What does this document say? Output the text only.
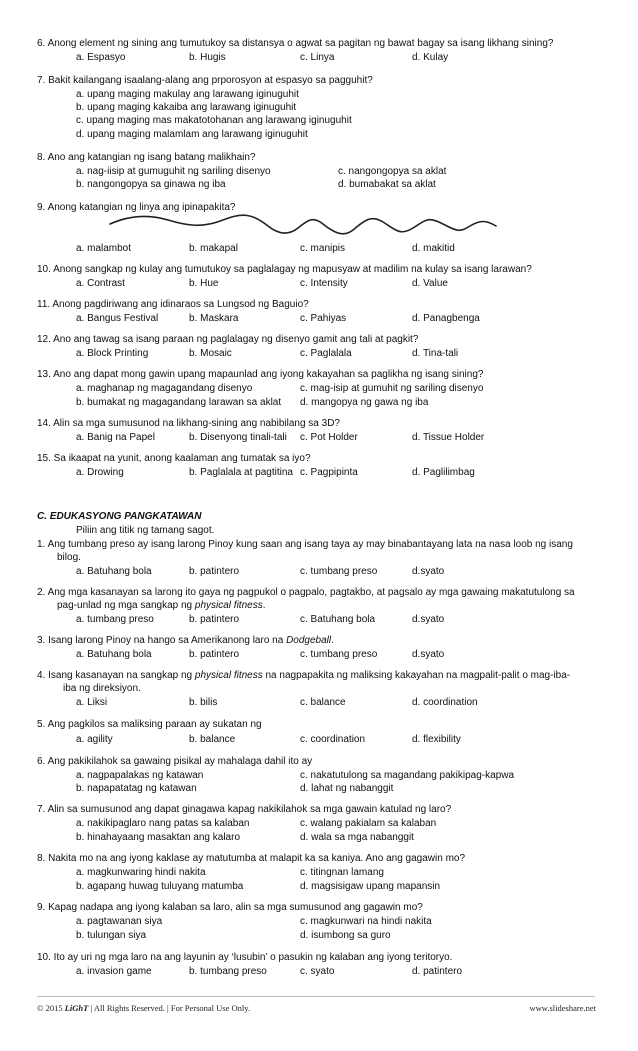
6. Anong element ng sining ang tumutukoy sa distansya o agwat sa pagitan ng bawat bagay sa isang likhang sining?
a. Espasyo	b. Hugis	c. Linya	d. Kulay
7. Bakit kailangang isaalang-alang ang prporosyon at espasyo sa pagguhit?
a. upang maging makulay ang larawang iginuguhit
b. upang maging kakaiba ang larawang iginuguhit
c. upang maging mas makatotohanan ang larawang iginuguhit
d. upang maging malamlam ang larawang iginuguhit
8. Ano ang katangian ng isang batang malikhain?
a. nag-iisip at gumuguhit ng sariling disenyo	c. nangongopya sa aklat
b. nangongopya sa ginawa ng iba	d. bumabakat sa aklat
9. Anong katangian ng linya ang ipinapakita?
a. malambot	b. makapal	c. manipis	d. makitid
10. Anong sangkap ng kulay ang tumutukoy sa paglalagay ng mapusyaw at madilim na kulay sa isang larawan?
a. Contrast	b. Hue	c. Intensity	d. Value
11. Anong pagdiriwang ang idinaraos sa Lungsod ng Baguio?
a. Bangus Festival	b. Maskara	c. Pahiyas	d. Panagbenga
12. Ano ang tawag sa isang paraan ng paglalagay ng disenyo gamit ang tali at pagkit?
a. Block Printing	b. Mosaic	c. Paglalala	d. Tina-tali
13. Ano ang dapat mong gawin upang mapaunlad ang iyong kakayahan sa paglikha ng isang sining?
a. maghanap ng magagandang disenyo	c. mag-isip at gumuhit ng sariling disenyo
b. bumakat ng magagandang larawan sa aklat d. mangopya ng gawa ng iba
14. Alin sa mga sumusunod na likhang-sining ang nabibilang sa 3D?
a. Banig na Papel	b. Disenyong tinali-tali c. Pot Holder	d. Tissue Holder
15. Sa ikaapat na yunit, anong kaalaman ang tumatak sa iyo?
a. Drowing	b. Paglalala at pagtitina c. Pagpipinta	d. Paglilimbag
C. EDUKASYONG PANGKATAWAN
Piliin ang titik ng tamang sagot.
1. Ang tumbang preso ay isang larong Pinoy kung saan ang isang taya ay may binabantayang lata na nasa loob ng isang
bilog.
a. Batuhang bola	b. patintero	c. tumbang preso	d.syato
2. Ang mga kasanayan sa larong ito gaya ng pagpukol o pagpalo, pagtakbo, at pagsalo ay mga gawaing makatutulong sa
pag-unlad ng mga sangkap ng physical fitness.
a. tumbang preso	b. patintero	c. Batuhang bola	d.syato
3. Isang larong Pinoy na hango sa Amerikanong laro na Dodgeball.
a. Batuhang bola	b. patintero	c. tumbang preso	d.syato
4. Isang kasanayan na sangkap ng physical fitness na nagpapakita ng maliksing kakayahan na magpalit-palit o mag-iba-
iba ng direksiyon.
a. Liksi	b. bilis	c. balance	d. coordination
5. Ang pagkilos sa maliksing paraan ay sukatan ng
a. agility	b. balance	c. coordination	d. flexibility
6. Ang pakikilahok sa gawaing pisikal ay mahalaga dahil ito ay
a. nagpapalakas ng katawan	c. nakatutulong sa magandang pakikipag-kapwa
b. napapatatag ng katawan	d. lahat ng nabanggit
7. Alin sa sumusunod ang dapat ginagawa kapag nakikilahok sa mga gawain katulad ng laro?
a. nakikipaglaro nang patas sa kalaban	c. walang pakialam sa kalaban
b. hinahayaang masaktan ang kalaro	d. wala sa mga nabanggit
8. Nakita mo na ang iyong kaklase ay matutumba at malapit ka sa kaniya. Ano ang gagawin mo?
a. magkunwaring hindi nakita	c. titingnan lamang
b. agapang huwag tuluyang matumba	d. magsisigaw upang mapansin
9. Kapag nadapa ang iyong kalaban sa laro, alin sa mga sumusunod ang gagawin mo?
a. pagtawanan siya	c. magkunwari na hindi nakita
b. tulungan siya	d. isumbong sa guro
10. Ito ay uri ng mga laro na ang layunin ay ‘lusubin’ o pasukin ng kalaban ang iyong teritoryo.
a. invasion game	b. tumbang preso	c. syato	d. patintero
© 2015 LiGhT | All Rights Reserved. | For Personal Use Only.	www.slideshare.net
